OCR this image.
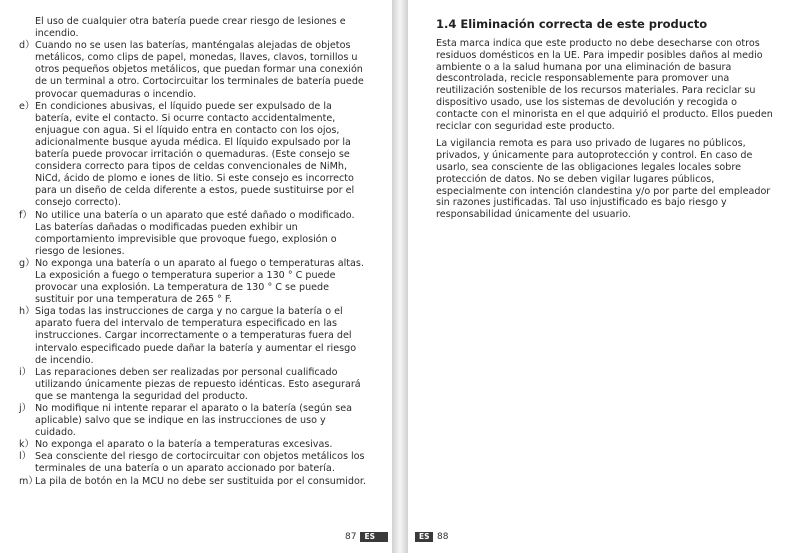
El uso de cualquier otra batería puede crear riesgo de lesiones e incendio.
d） Cuando no se usen las baterías, manténgalas alejadas de objetos metálicos, como clips de papel, monedas, llaves, clavos, tornillos u otros pequeños objetos metálicos, que puedan formar una conexión de un terminal a otro. Cortocircuitar los terminales de batería puede provocar quemaduras o incendio.
e） En condiciones abusivas, el líquido puede ser expulsado de la batería, evite el contacto. Si ocurre contacto accidentalmente, enjuague con agua. Si el líquido entra en contacto con los ojos, adicionalmente busque ayuda médica. El líquido expulsado por la batería puede provocar irritación o quemaduras. (Este consejo se considera correcto para tipos de celdas convencionales de NiMh, NiCd, ácido de plomo e iones de litio. Si este consejo es incorrecto para un diseño de celda diferente a estos, puede sustituirse por el consejo correcto).
f） No utilice una batería o un aparato que esté dañado o modificado. Las baterías dañadas o modificadas pueden exhibir un comportamiento imprevisible que provoque fuego, explosión o riesgo de lesiones.
g） No exponga una batería o un aparato al fuego o temperaturas altas. La exposición a fuego o temperatura superior a 130 ° C puede provocar una explosión. La temperatura de 130 ° C se puede sustituir por una temperatura de 265 ° F.
h） Siga todas las instrucciones de carga y no cargue la batería o el aparato fuera del intervalo de temperatura especificado en las instrucciones. Cargar incorrectamente o a temperaturas fuera del intervalo especificado puede dañar la batería y aumentar el riesgo de incendio.
i） Las reparaciones deben ser realizadas por personal cualificado utilizando únicamente piezas de repuesto idénticas. Esto asegurará que se mantenga la seguridad del producto.
j） No modifique ni intente reparar el aparato o la batería (según sea aplicable) salvo que se indique en las instrucciones de uso y cuidado.
k） No exponga el aparato o la batería a temperaturas excesivas.
l） Sea consciente del riesgo de cortocircuitar con objetos metálicos los terminales de una batería o un aparato accionado por batería.
m）
La pila de botón en la MCU no debe ser sustituida por el consumidor.
87	ES
1.4 Eliminación correcta de este producto

Esta marca indica que este producto no debe desecharse con otros residuos domésticos en la UE. Para impedir posibles daños al medio ambiente o a la salud humana por una eliminación de basura descontrolada, recicle responsablemente para promover una reutilización sostenible de los recursos materiales. Para reciclar su dispositivo usado, use los sistemas de devolución y recogida o contacte con el minorista en el que adquirió el producto. Ellos pueden reciclar con seguridad este producto.

La vigilancia remota es para uso privado de lugares no públicos, privados, y únicamente para autoprotección y control. En caso de usarlo, sea consciente de las obligaciones legales locales sobre protección de datos. No se deben vigilar lugares públicos, especialmente con intención clandestina y/o por parte del empleador sin razones justificadas. Tal uso injustificado es bajo riesgo y responsabilidad únicamente del usuario.

ES 88
